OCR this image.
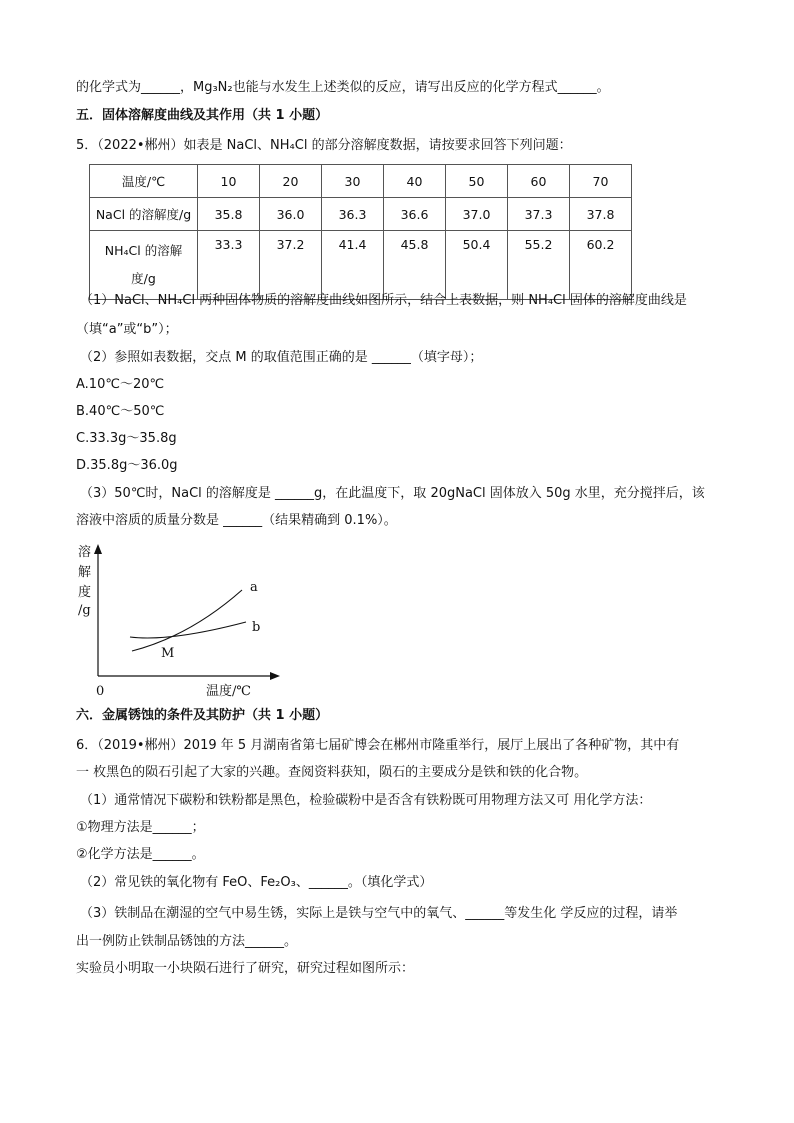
的化学式为______，Mg₃N₂也能与水发生上述类似的反应，请写出反应的化学方程式______。
五．固体溶解度曲线及其作用（共 1 小题）
5．（2022•郴州）如表是 NaCl、NH₄Cl 的部分溶解度数据，请按要求回答下列问题：
温度/℃	10	20	30	40	50	60	70
NaCl 的溶解度/g	35.8	36.0	36.3	36.6	37.0	37.3	37.8
NH₄Cl 的溶解度/g	33.3	37.2	41.4	45.8	50.4	55.2	60.2
（1）NaCl、NH₄Cl 两种固体物质的溶解度曲线如图所示，结合上表数据，则 NH₄Cl 固体的溶解度曲线是
（填“a”或“b”）；
（2）参照如表数据，交点 M 的取值范围正确的是 ______（填字母）；
A.10℃～20℃
B.40℃～50℃
C.33.3g～35.8g
D.35.8g～36.0g
（3）50℃时，NaCl 的溶解度是 ______g，在此温度下，取 20gNaCl 固体放入 50g 水里，充分搅拌后，该
溶液中溶质的质量分数是 ______（结果精确到 0.1%）。
溶
解
度
/g
a
b
M
0	温度/℃
六．金属锈蚀的条件及其防护（共 1 小题）
6．（2019•郴州）2019 年 5 月湖南省第七届矿博会在郴州市隆重举行，展厅上展出了各种矿物，其中有
一 枚黑色的陨石引起了大家的兴趣。查阅资料获知，陨石的主要成分是铁和铁的化合物。
（1）通常情况下碳粉和铁粉都是黑色，检验碳粉中是否含有铁粉既可用物理方法又可 用化学方法：
①物理方法是______；
②化学方法是______。
（2）常见铁的氧化物有 FeO、Fe₂O₃、______。（填化学式）
（3）铁制品在潮湿的空气中易生锈，实际上是铁与空气中的氧气、______等发生化 学反应的过程，请举
出一例防止铁制品锈蚀的方法______。
实验员小明取一小块陨石进行了研究，研究过程如图所示：
